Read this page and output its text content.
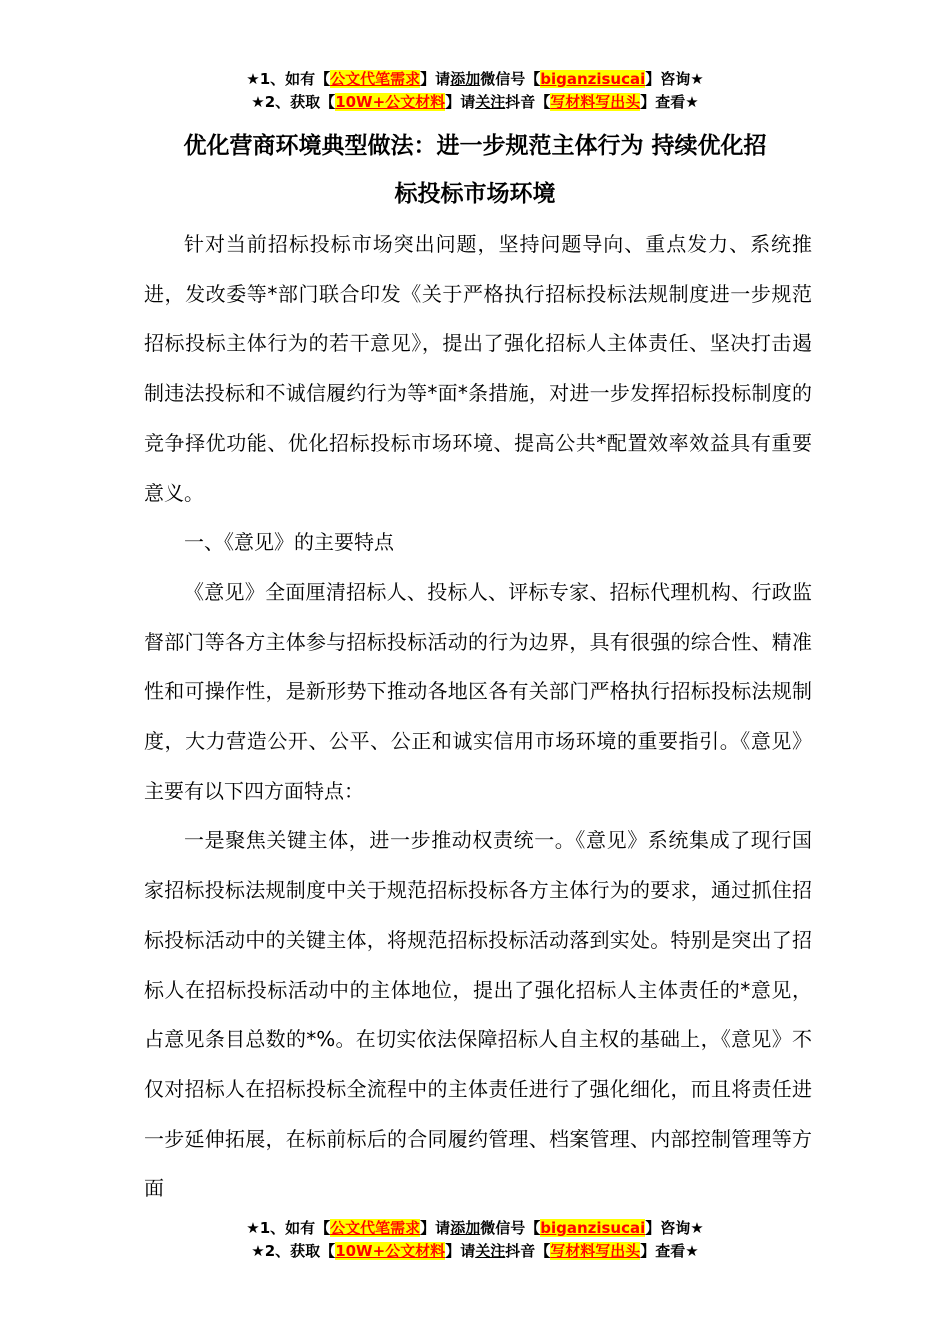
★1、如有【公文代笔需求】请添加微信号【biganzisucai】咨询★
★2、获取【10W+公文材料】请关注抖音【写材料写出头】查看★
优化营商环境典型做法：进一步规范主体行为 持续优化招
标投标市场环境

针对当前招标投标市场突出问题，坚持问题导向、重点发力、系统推进，发改委等*部门联合印发《关于严格执行招标投标法规制度进一步规范招标投标主体行为的若干意见》，提出了强化招标人主体责任、坚决打击遏制违法投标和不诚信履约行为等*面*条措施，对进一步发挥招标投标制度的竞争择优功能、优化招标投标市场环境、提高公共*配置效率效益具有重要意义。

一、《意见》的主要特点

《意见》全面厘清招标人、投标人、评标专家、招标代理机构、行政监督部门等各方主体参与招标投标活动的行为边界，具有很强的综合性、精准性和可操作性，是新形势下推动各地区各有关部门严格执行招标投标法规制度，大力营造公开、公平、公正和诚实信用市场环境的重要指引。《意见》主要有以下四方面特点：

一是聚焦关键主体，进一步推动权责统一。《意见》系统集成了现行国家招标投标法规制度中关于规范招标投标各方主体行为的要求，通过抓住招标投标活动中的关键主体，将规范招标投标活动落到实处。特别是突出了招标人在招标投标活动中的主体地位，提出了强化招标人主体责任的*意见，占意见条目总数的*%。在切实依法保障招标人自主权的基础上，《意见》不仅对招标人在招标投标全流程中的主体责任进行了强化细化，而且将责任进一步延伸拓展，在标前标后的合同履约管理、档案管理、内部控制管理等方面

★1、如有【公文代笔需求】请添加微信号【biganzisucai】咨询★
★2、获取【10W+公文材料】请关注抖音【写材料写出头】查看★
